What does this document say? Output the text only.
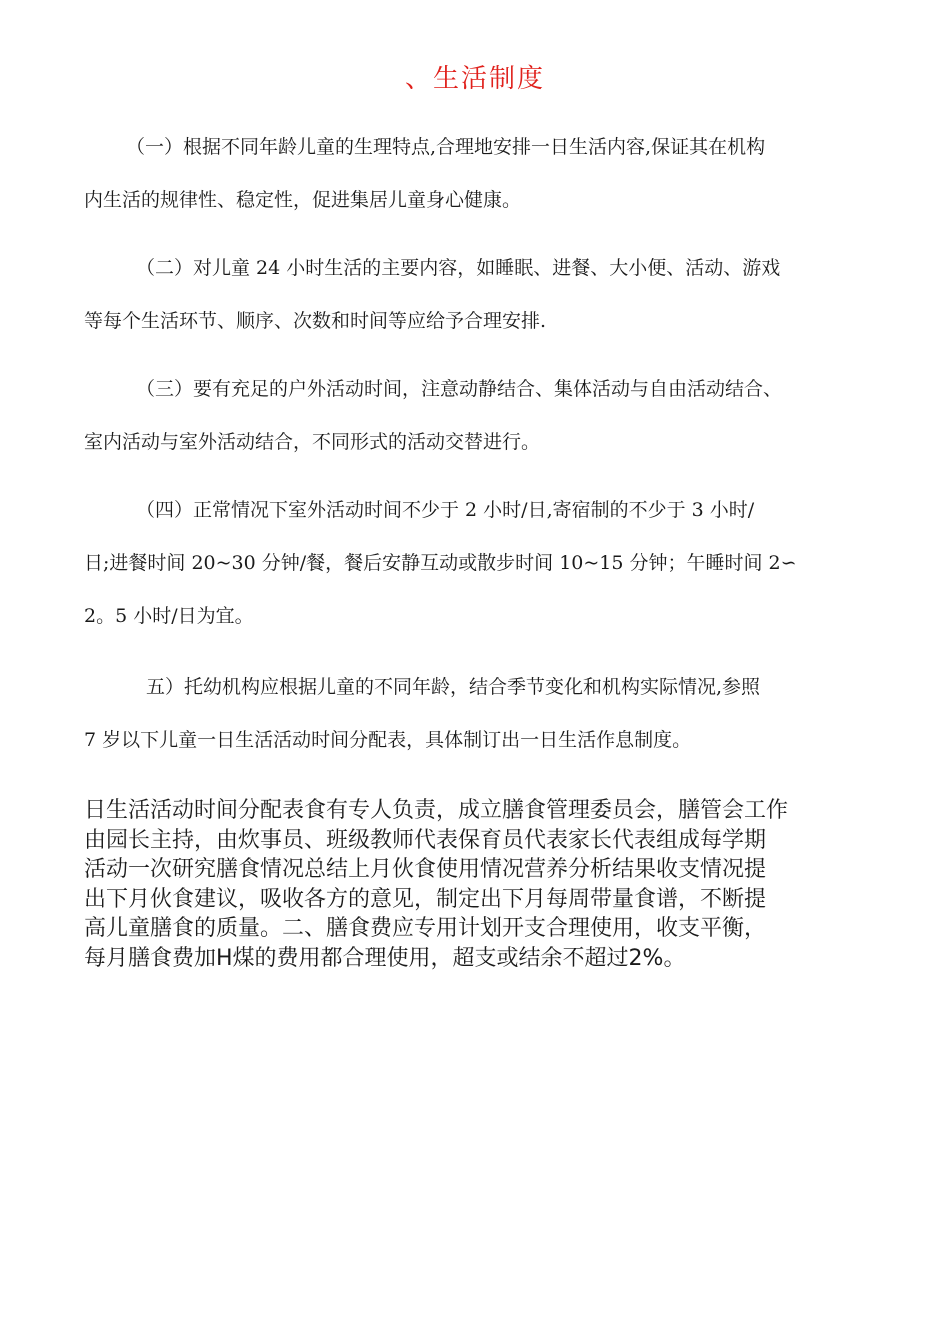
、生活制度
（一）根据不同年龄儿童的生理特点,合理地安排一日生活内容,保证其在机构
内生活的规律性、稳定性，促进集居儿童身心健康。
（二）对儿童 24 小时生活的主要内容，如睡眠、进餐、大小便、活动、游戏
等每个生活环节、顺序、次数和时间等应给予合理安排.
（三）要有充足的户外活动时间，注意动静结合、集体活动与自由活动结合、
室内活动与室外活动结合，不同形式的活动交替进行。
（四）正常情况下室外活动时间不少于 2 小时/日,寄宿制的不少于 3 小时/
日;进餐时间 20~30 分钟/餐，餐后安静互动或散步时间 10~15 分钟；午睡时间 2∽
2。5 小时/日为宜。
五）托幼机构应根据儿童的不同年龄，结合季节变化和机构实际情况,参照
7 岁以下儿童一日生活活动时间分配表，具体制订出一日生活作息制度。
日生活活动时间分配表食有专人负责，成立膳食管理委员会，膳管会工作
由园长主持，由炊事员、班级教师代表保育员代表家长代表组成每学期
活动一次研究膳食情况总结上月伙食使用情况营养分析结果收支情况提
出下月伙食建议，吸收各方的意见，制定出下月每周带量食谱，不断提
高儿童膳食的质量。二、膳食费应专用计划开支合理使用，收支平衡，
每月膳食费加H煤的费用都合理使用，超支或结余不超过2%。
